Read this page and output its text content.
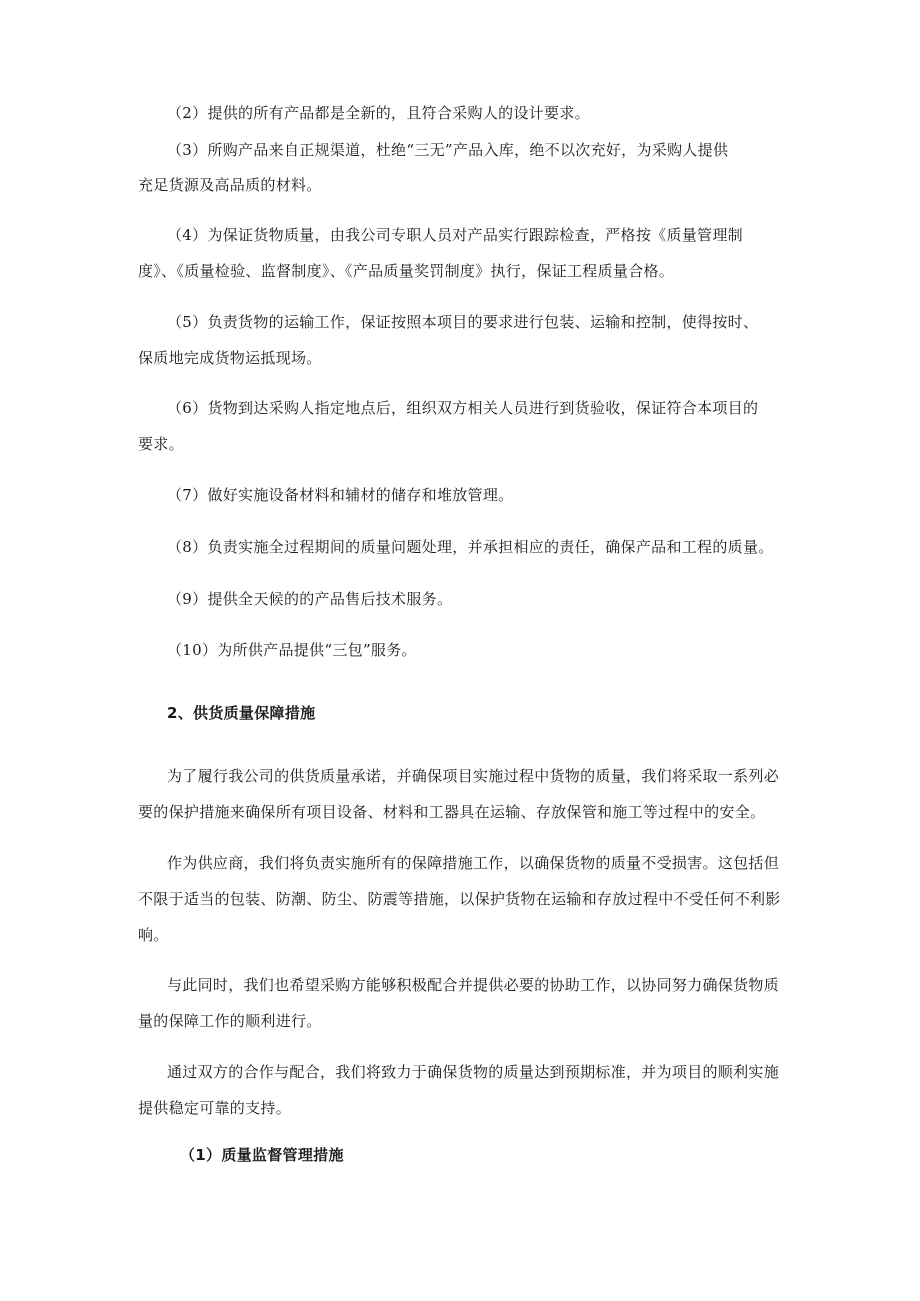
（2）提供的所有产品都是全新的，且符合采购人的设计要求。
（3）所购产品来自正规渠道，杜绝“三无”产品入库，绝不以次充好，为采购人提供
充足货源及高品质的材料。
（4）为保证货物质量，由我公司专职人员对产品实行跟踪检查，严格按《质量管理制
度》、《质量检验、监督制度》、《产品质量奖罚制度》执行，保证工程质量合格。
（5）负责货物的运输工作，保证按照本项目的要求进行包装、运输和控制，使得按时、
保质地完成货物运抵现场。
（6）货物到达采购人指定地点后，组织双方相关人员进行到货验收，保证符合本项目的
要求。
（7）做好实施设备材料和辅材的储存和堆放管理。
（8）负责实施全过程期间的质量问题处理，并承担相应的责任，确保产品和工程的质量。
（9）提供全天候的的产品售后技术服务。
（10）为所供产品提供“三包”服务。
2、供货质量保障措施
为了履行我公司的供货质量承诺，并确保项目实施过程中货物的质量，我们将采取一系列必
要的保护措施来确保所有项目设备、材料和工器具在运输、存放保管和施工等过程中的安全。
作为供应商，我们将负责实施所有的保障措施工作，以确保货物的质量不受损害。这包括但
不限于适当的包装、防潮、防尘、防震等措施，以保护货物在运输和存放过程中不受任何不利影
响。
与此同时，我们也希望采购方能够积极配合并提供必要的协助工作，以协同努力确保货物质
量的保障工作的顺利进行。
通过双方的合作与配合，我们将致力于确保货物的质量达到预期标准，并为项目的顺利实施
提供稳定可靠的支持。
（1）质量监督管理措施
